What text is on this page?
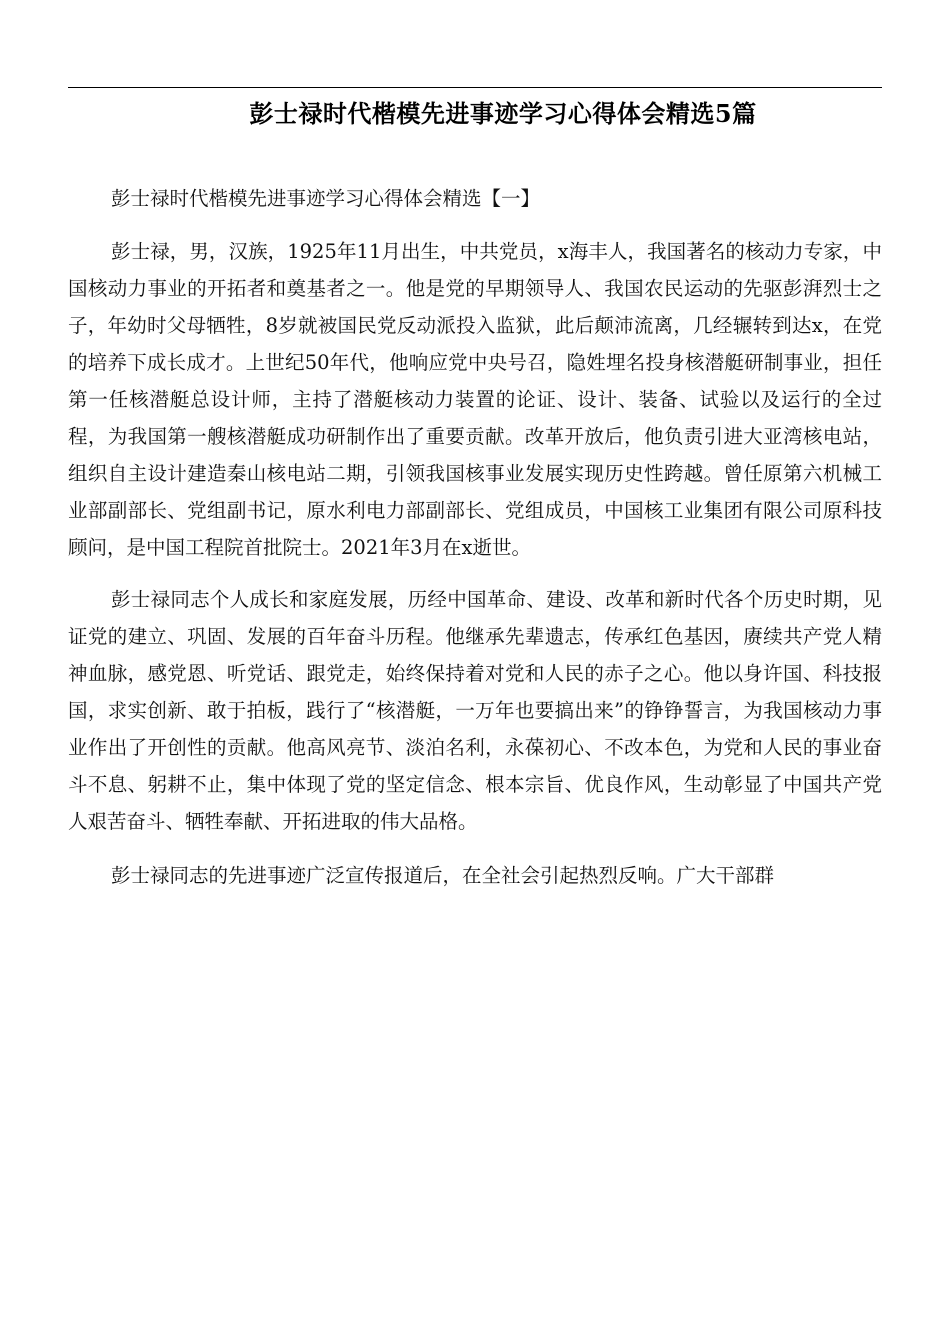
彭士禄时代楷模先进事迹学习心得体会精选5篇

彭士禄时代楷模先进事迹学习心得体会精选【一】

彭士禄，男，汉族，1925年11月出生，中共党员，x海丰人，我国著名的核动力专家，中国核动力事业的开拓者和奠基者之一。他是党的早期领导人、我国农民运动的先驱彭湃烈士之子，年幼时父母牺牲，8岁就被国民党反动派投入监狱，此后颠沛流离，几经辗转到达x，在党的培养下成长成才。上世纪50年代，他响应党中央号召，隐姓埋名投身核潜艇研制事业，担任第一任核潜艇总设计师，主持了潜艇核动力装置的论证、设计、装备、试验以及运行的全过程，为我国第一艘核潜艇成功研制作出了重要贡献。改革开放后，他负责引进大亚湾核电站，组织自主设计建造秦山核电站二期，引领我国核事业发展实现历史性跨越。曾任原第六机械工业部副部长、党组副书记，原水利电力部副部长、党组成员，中国核工业集团有限公司原科技顾问，是中国工程院首批院士。2021年3月在x逝世。

彭士禄同志个人成长和家庭发展，历经中国革命、建设、改革和新时代各个历史时期，见证党的建立、巩固、发展的百年奋斗历程。他继承先辈遗志，传承红色基因，赓续共产党人精神血脉，感党恩、听党话、跟党走，始终保持着对党和人民的赤子之心。他以身许国、科技报国，求实创新、敢于拍板，践行了“核潜艇，一万年也要搞出来”的铮铮誓言，为我国核动力事业作出了开创性的贡献。他高风亮节、淡泊名利，永葆初心、不改本色，为党和人民的事业奋斗不息、躬耕不止，集中体现了党的坚定信念、根本宗旨、优良作风，生动彰显了中国共产党人艰苦奋斗、牺牲奉献、开拓进取的伟大品格。

彭士禄同志的先进事迹广泛宣传报道后，在全社会引起热烈反响。广大干部群
